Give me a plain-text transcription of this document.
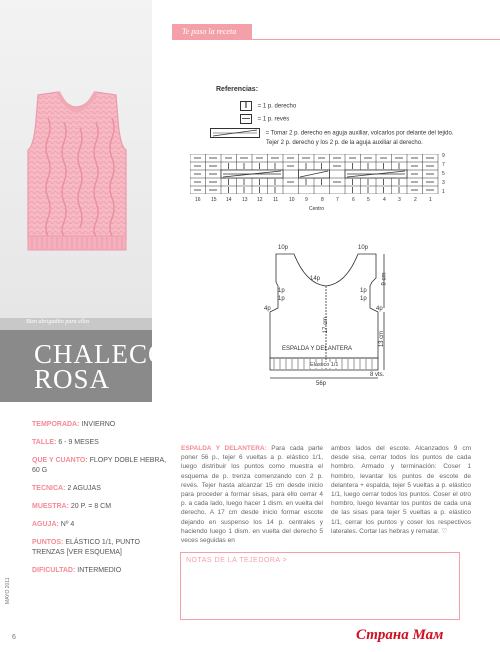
Bien abrigadito para ellos
CHALECO
ROSA
Te paso la receta
Referencias:
I = 1 p. derecho
— = 1 p. revés
= Tomar 2 p. derecho en aguja auxiliar, volcarlos por delante del tejido.
Tejer 2 p. derecho y los 2 p. de la aguja auxiliar al derecho.
9
7
5
3
1
16 15 14 13 12 11 10 9	8 7	6 5	4 3	2 1
Centro
10p	10p
14p
1p
1p
4p
1p
1p
4p
17 cm
9 cm
13 cm
ESPALDA Y DELANTERA
Elástico 1/1
8 vts.
56p
TEMPORADA: INVIERNO
TALLE: 6 - 9 MESES
QUE Y CUANTO: FLOPY DOBLE HEBRA, 60 G
TECNICA: 2 AGUJAS
MUESTRA: 20 P. = 8 CM
AGUJA: Nº 4
PUNTOS: ELÁSTICO 1/1, PUNTO TRENZAS [VER ESQUEMA]
DIFICULTAD: INTERMEDIO
ESPALDA Y DELANTERA: Para cada parte poner 56 p., tejer 6 vueltas a p. elástico 1/1, luego distribuir los puntos como muestra el esquema de p. trenza comenzando con 2 p. revés. Tejer hasta alcanzar 15 cm desde inicio para proceder a formar sisas, para ello cerrar 4 p. a cada lado, luego hacer 1 dism. en vuelta del derecho. A 17 cm desde inicio formar escote dejando en suspenso los 14 p. centrales y haciendo luego 1 dism. en vuelta del derecho 5 veces seguidas en
ambos lados del escote. Alcanzados 9 cm desde sisa, cerrar todos los puntos de cada hombro. Armado y terminación: Coser 1 hombro, levantar los puntos de escote de delantera + espalda, tejer 5 vueltas a p. elástico 1/1, luego cerrar todos los puntos. Coser el otro hombro, luego levantar los puntos de cada una de las sisas para tejer 5 vueltas a p. elástico 1/1, cerrar los puntos y coser los respectivos laterales. Cortar las hebras y rematar. ♡
NOTAS DE LA TEJEDORA >
MAYO 2011
6	Страна Мам
